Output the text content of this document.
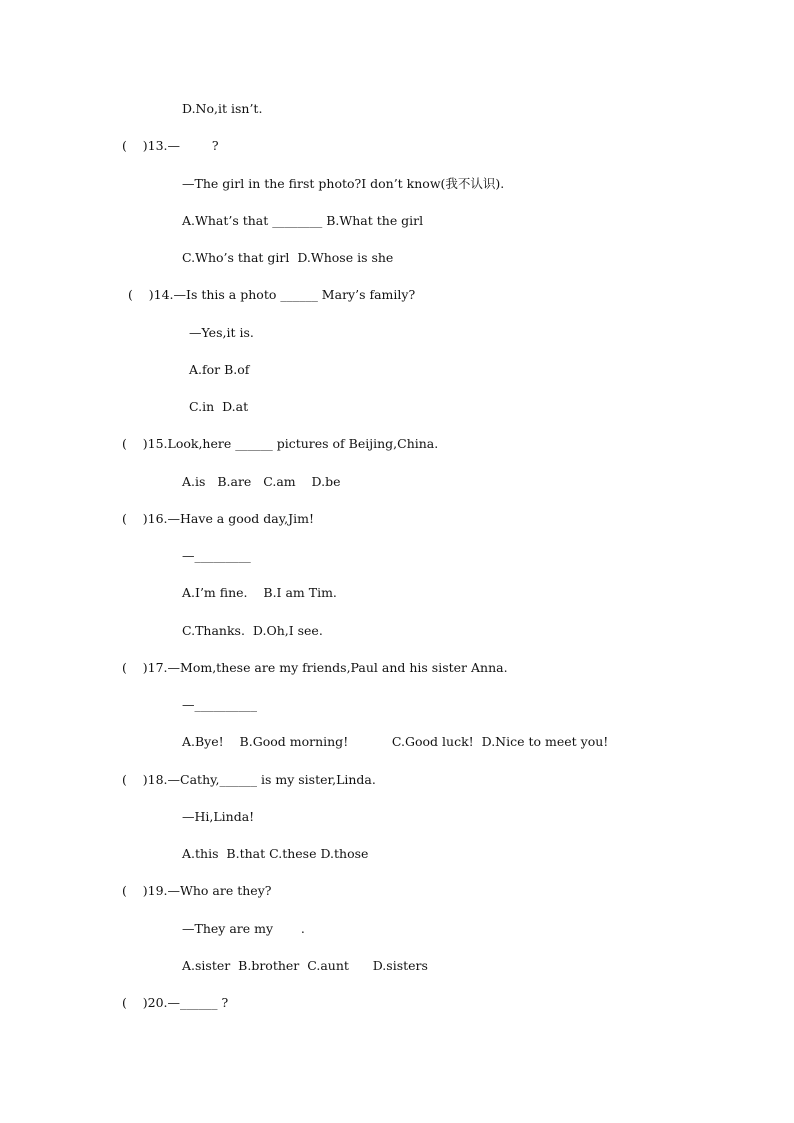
D.No,it isn’t.
(    )13.—        ?
—The girl in the first photo?I don’t know(我不认识).
A.What’s that ________ B.What the girl
C.Who’s that girl  D.Whose is she
(    )14.—Is this a photo ______ Mary’s family?
—Yes,it is.
A.for B.of
C.in  D.at
(    )15.Look,here ______ pictures of Beijing,China.
A.is   B.are   C.am    D.be
(    )16.—Have a good day,Jim!
—_________
A.I’m fine.    B.I am Tim.
C.Thanks.  D.Oh,I see.
(    )17.—Mom,these are my friends,Paul and his sister Anna.
—__________
A.Bye!    B.Good morning!           C.Good luck!  D.Nice to meet you!
(    )18.—Cathy,______ is my sister,Linda.
—Hi,Linda!
A.this  B.that C.these D.those
(    )19.—Who are they?
—They are my       .
A.sister  B.brother  C.aunt      D.sisters
(    )20.—______ ?
